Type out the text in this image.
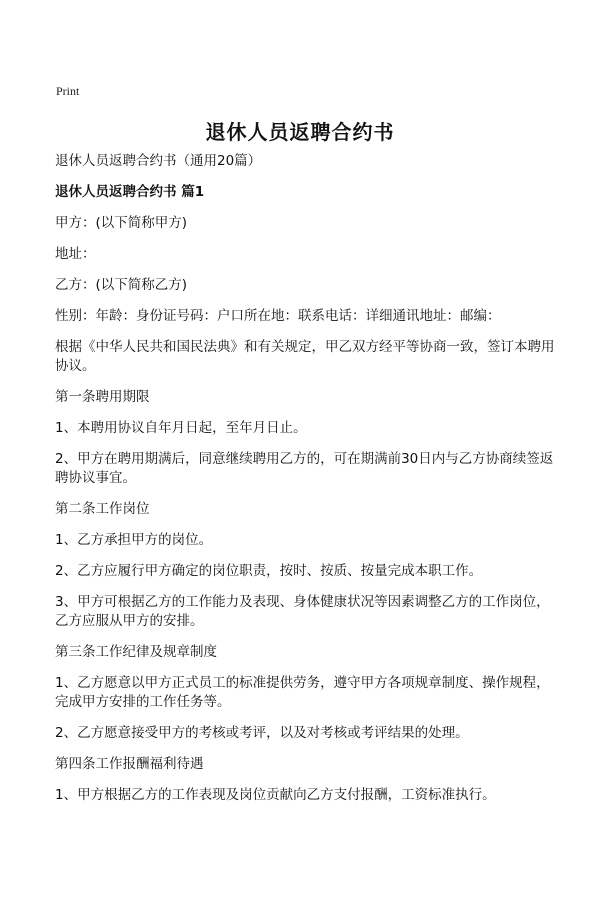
Print
退休人员返聘合约书

退休人员返聘合约书（通用20篇）

退休人员返聘合约书 篇1

甲方：(以下简称甲方)

地址：

乙方：(以下简称乙方)

性别：年龄：身份证号码：户口所在地：联系电话：详细通讯地址：邮编：

根据《中华人民共和国民法典》和有关规定，甲乙双方经平等协商一致，签订本聘用协议。

第一条聘用期限

1、本聘用协议自年月日起，至年月日止。

2、甲方在聘用期满后，同意继续聘用乙方的，可在期满前30日内与乙方协商续签返聘协议事宜。

第二条工作岗位

1、乙方承担甲方的岗位。

2、乙方应履行甲方确定的岗位职责，按时、按质、按量完成本职工作。

3、甲方可根据乙方的工作能力及表现、身体健康状况等因素调整乙方的工作岗位，乙方应服从甲方的安排。

第三条工作纪律及规章制度

1、乙方愿意以甲方正式员工的标准提供劳务，遵守甲方各项规章制度、操作规程，完成甲方安排的工作任务等。

2、乙方愿意接受甲方的考核或考评，以及对考核或考评结果的处理。

第四条工作报酬福利待遇

1、甲方根据乙方的工作表现及岗位贡献向乙方支付报酬，工资标准执行。
